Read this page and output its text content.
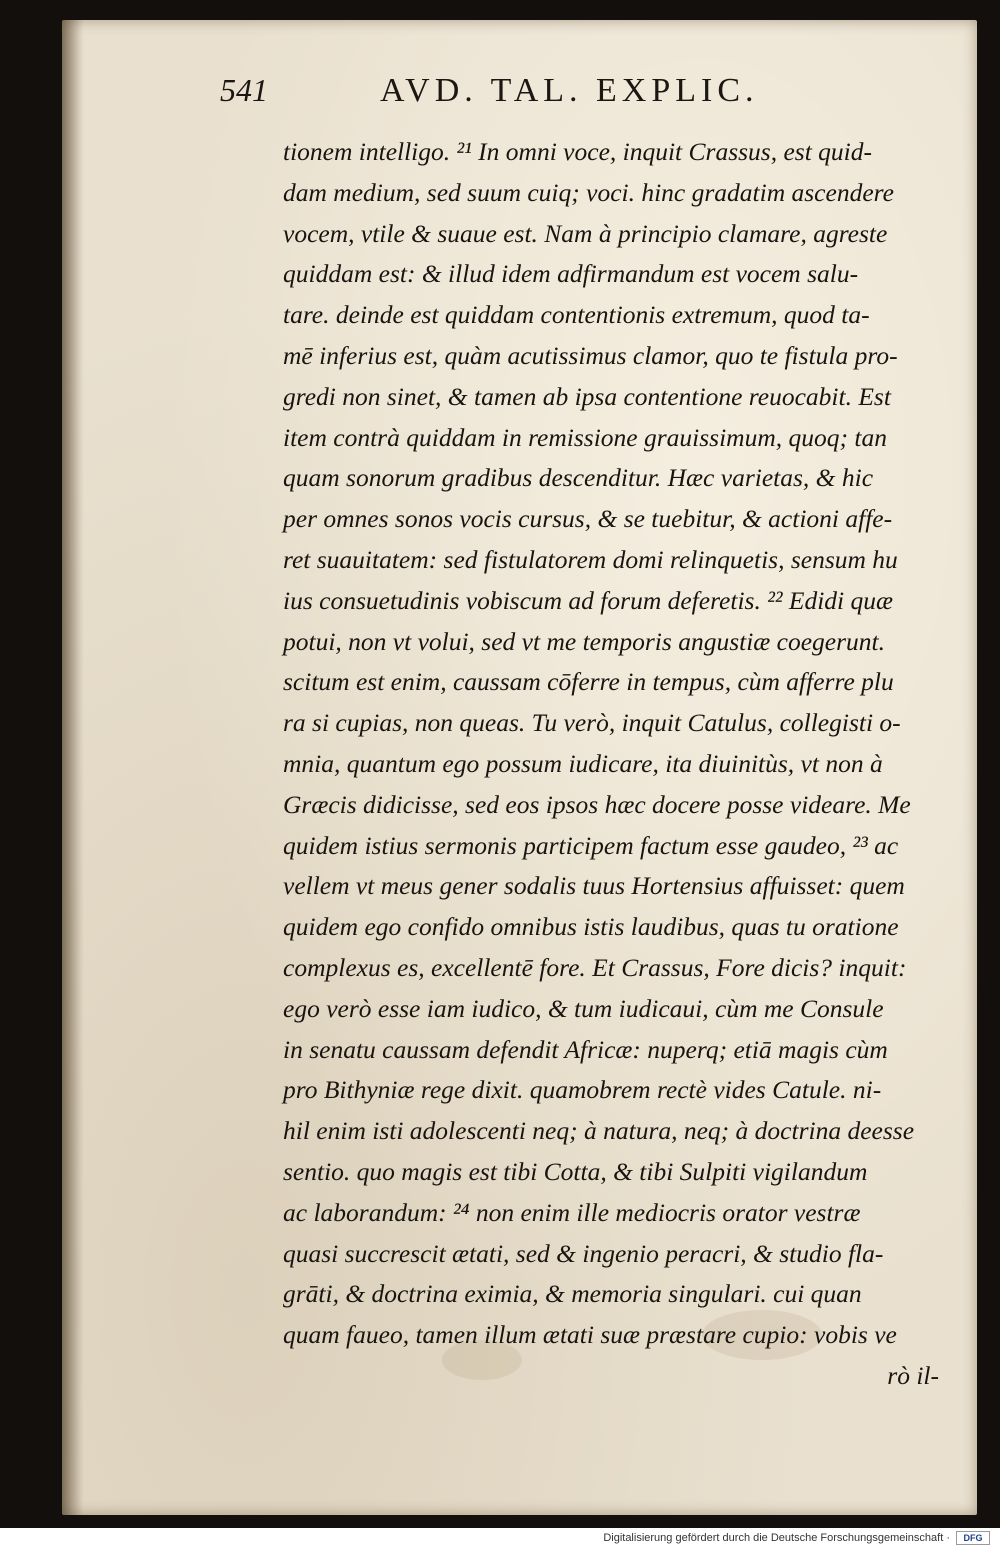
541	AVD. TAL. EXPLIC.
tionem intelligo. ²¹ In omni voce, inquit Crassus, est quid-
dam medium, sed suum cuiq; voci. hinc gradatim ascendere
vocem, vtile & suaue est. Nam à principio clamare, agreste
quiddam est: & illud idem adfirmandum est vocem salu-
tare. deinde est quiddam contentionis extremum, quod ta-
mē inferius est, quàm acutissimus clamor, quo te fistula pro-
gredi non sinet, & tamen ab ipsa contentione reuocabit. Est
item contrà quiddam in remissione grauissimum, quoq; tan
quam sonorum gradibus descenditur. Hæc varietas, & hic
per omnes sonos vocis cursus, & se tuebitur, & actioni affe-
ret suauitatem: sed fistulatorem domi relinquetis, sensum hu
ius consuetudinis vobiscum ad forum deferetis. ²² Edidi quæ
potui, non vt volui, sed vt me temporis angustiæ coegerunt.
scitum est enim, caussam cōferre in tempus, cùm afferre plu
ra si cupias, non queas. Tu verò, inquit Catulus, collegisti o-
mnia, quantum ego possum iudicare, ita diuinitùs, vt non à
Græcis didicisse, sed eos ipsos hæc docere posse videare. Me
quidem istius sermonis participem factum esse gaudeo, ²³ ac
vellem vt meus gener sodalis tuus Hortensius affuisset: quem
quidem ego confido omnibus istis laudibus, quas tu oratione
complexus es, excellentē fore. Et Crassus, Fore dicis? inquit:
ego verò esse iam iudico, & tum iudicaui, cùm me Consule
in senatu caussam defendit Africæ: nuperq; etiā magis cùm
pro Bithyniæ rege dixit. quamobrem rectè vides Catule. ni-
hil enim isti adolescenti neq; à natura, neq; à doctrina deesse
sentio. quo magis est tibi Cotta, & tibi Sulpiti vigilandum
ac laborandum: ²⁴ non enim ille mediocris orator vestræ
quasi succrescit ætati, sed & ingenio peracri, & studio fla-
grāti, & doctrina eximia, & memoria singulari. cui quan
quam faueo, tamen illum ætati suæ præstare cupio: vobis ve
rò il-
Digitalisierung gefördert durch die Deutsche Forschungsgemeinschaft ·	DFG
